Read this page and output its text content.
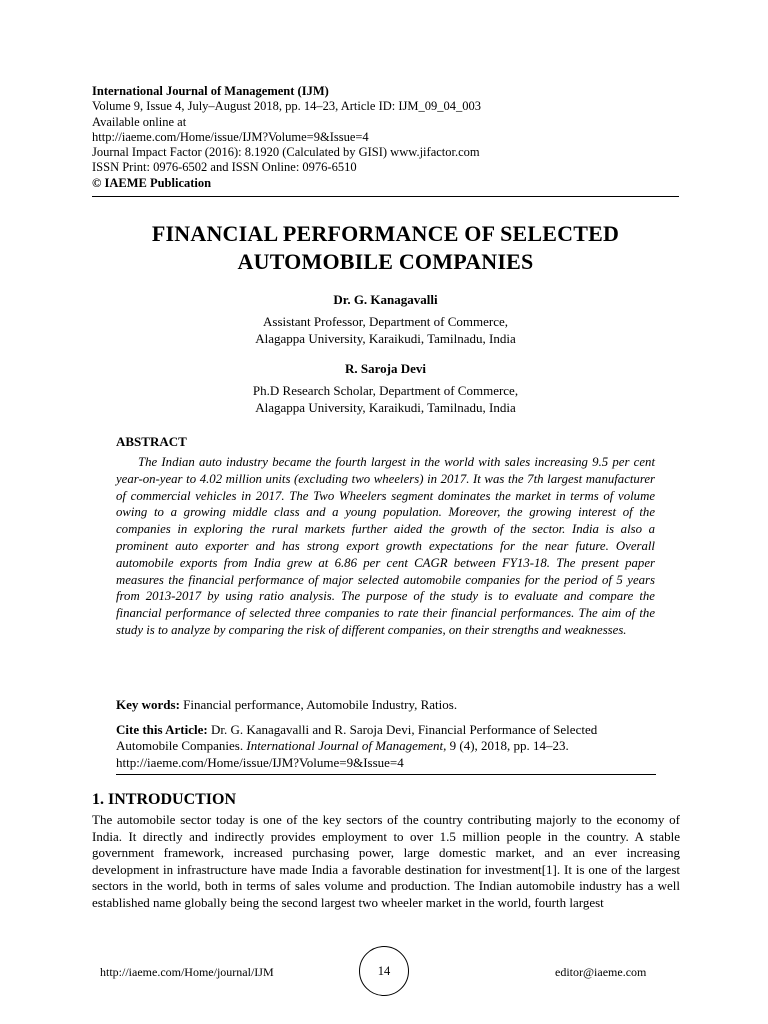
International Journal of Management (IJM)
Volume 9, Issue 4, July–August 2018, pp. 14–23, Article ID: IJM_09_04_003
Available online at
http://iaeme.com/Home/issue/IJM?Volume=9&Issue=4
Journal Impact Factor (2016): 8.1920 (Calculated by GISI) www.jifactor.com
ISSN Print: 0976-6502 and ISSN Online: 0976-6510
© IAEME Publication
FINANCIAL PERFORMANCE OF SELECTED
AUTOMOBILE COMPANIES
Dr. G. Kanagavalli
Assistant Professor, Department of Commerce,
Alagappa University, Karaikudi, Tamilnadu, India
R. Saroja Devi
Ph.D Research Scholar, Department of Commerce,
Alagappa University, Karaikudi, Tamilnadu, India
ABSTRACT

The Indian auto industry became the fourth largest in the world with sales increasing 9.5 per cent year-on-year to 4.02 million units (excluding two wheelers) in 2017. It was the 7th largest manufacturer of commercial vehicles in 2017. The Two Wheelers segment dominates the market in terms of volume owing to a growing middle class and a young population. Moreover, the growing interest of the companies in exploring the rural markets further aided the growth of the sector. India is also a prominent auto exporter and has strong export growth expectations for the near future. Overall automobile exports from India grew at 6.86 per cent CAGR between FY13-18. The present paper measures the financial performance of major selected automobile companies for the period of 5 years from 2013-2017 by using ratio analysis. The purpose of the study is to evaluate and compare the financial performance of selected three companies to rate their financial performances. The aim of the study is to analyze by comparing the risk of different companies, on their strengths and weaknesses.

Key words: Financial performance, Automobile Industry, Ratios.
Cite this Article: Dr. G. Kanagavalli and R. Saroja Devi, Financial Performance of Selected Automobile Companies. International Journal of Management, 9 (4), 2018, pp. 14–23. http://iaeme.com/Home/issue/IJM?Volume=9&Issue=4
1. INTRODUCTION

The automobile sector today is one of the key sectors of the country contributing majorly to the economy of India. It directly and indirectly provides employment to over 1.5 million people in the country. A stable government framework, increased purchasing power, large domestic market, and an ever increasing development in infrastructure have made India a favorable destination for investment[1]. It is one of the largest sectors in the world, both in terms of sales volume and production. The Indian automobile industry has a well established name globally being the second largest two wheeler market in the world, fourth largest

http://iaeme.com/Home/journal/IJM	14	editor@iaeme.com
